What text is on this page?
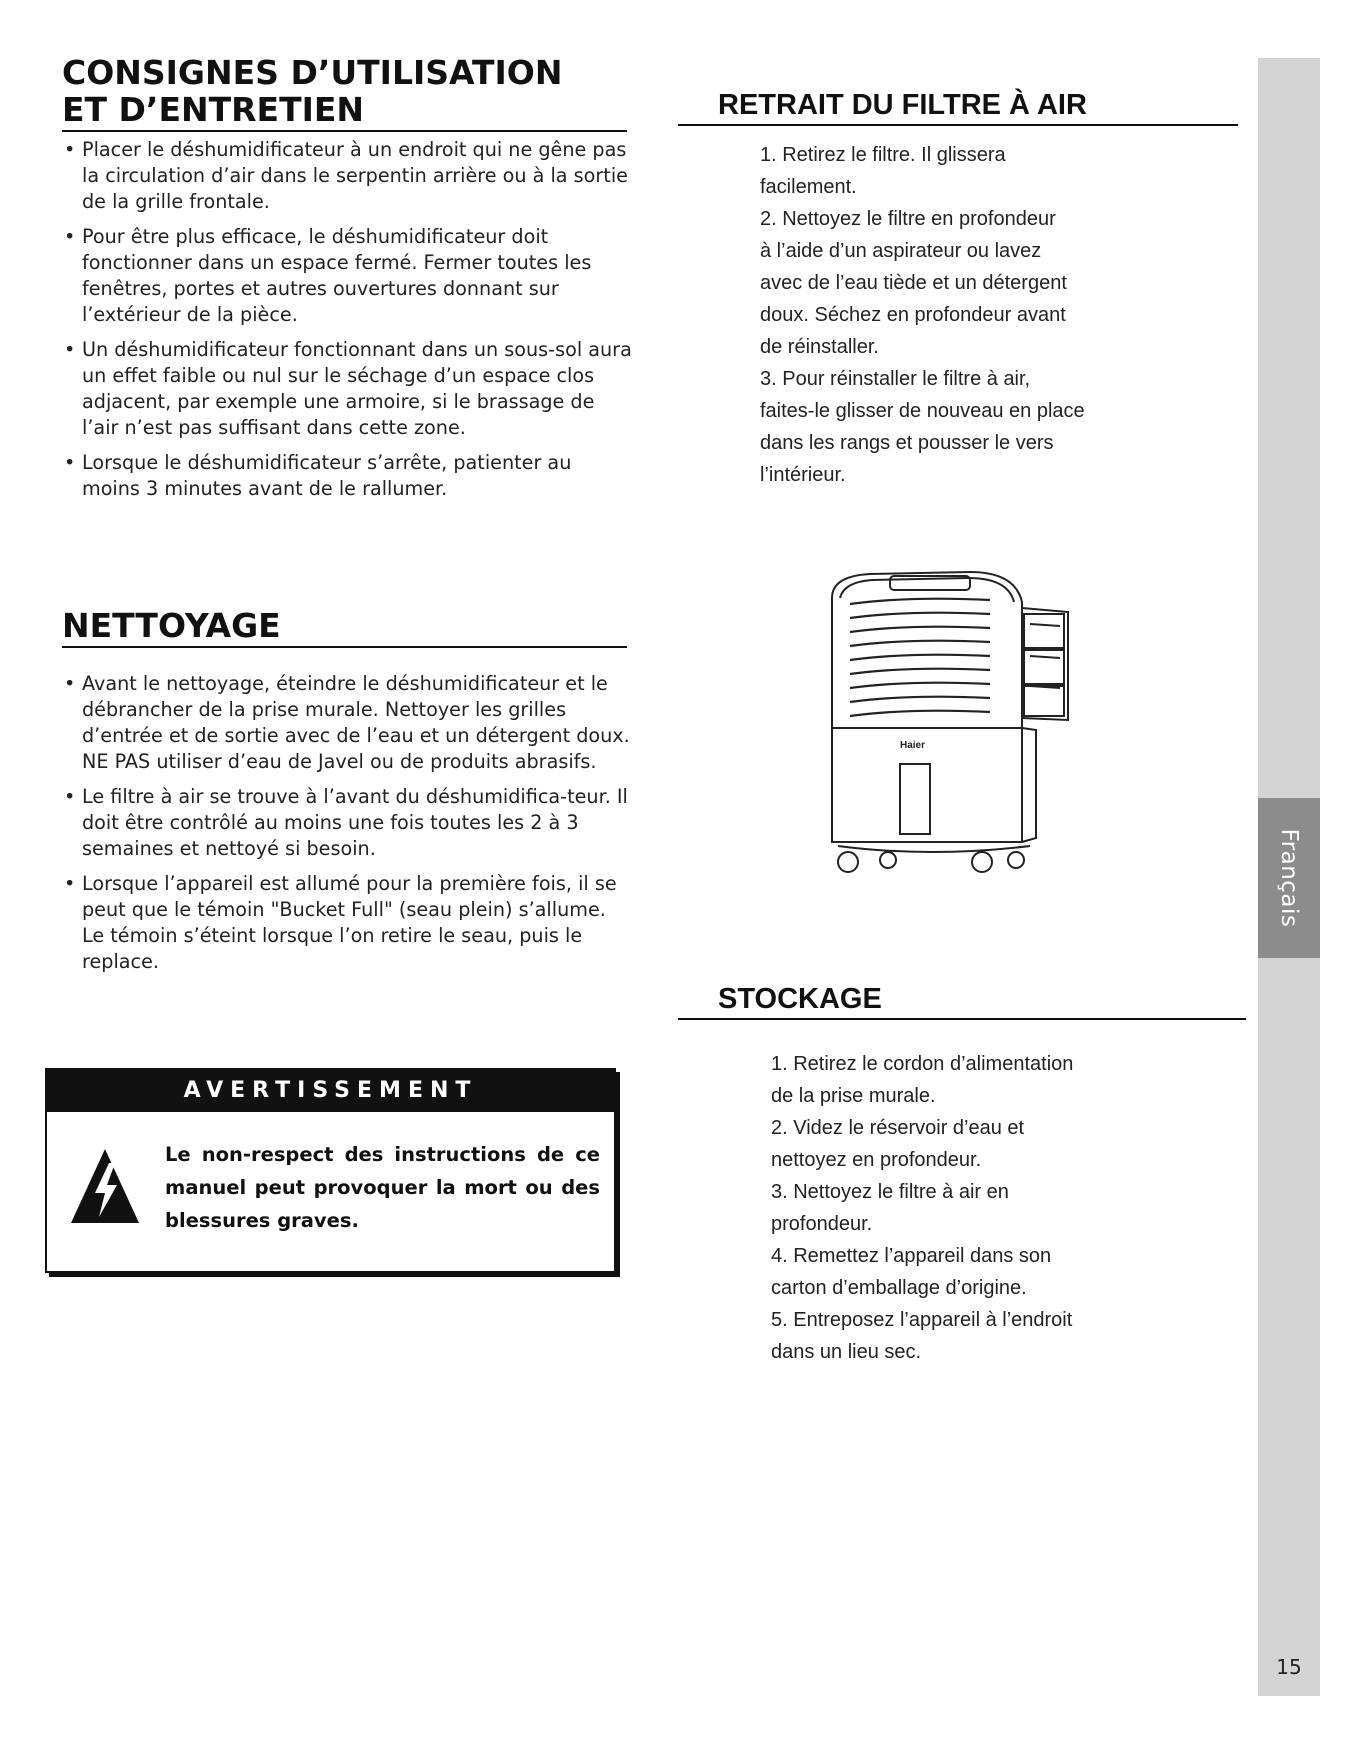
Français
15
CONSIGNES D’UTILISATION
ET D’ENTRETIEN
• Placer le déshumidificateur à un endroit qui ne gêne pas la circulation d’air dans le serpentin arrière ou à la sortie de la grille frontale.
• Pour être plus efficace, le déshumidificateur doit fonctionner dans un espace fermé. Fermer toutes les fenêtres, portes et autres ouvertures donnant sur l’extérieur de la pièce.
• Un déshumidificateur fonctionnant dans un sous-sol aura un effet faible ou nul sur le séchage d’un espace clos adjacent, par exemple une armoire, si le brassage de l’air n’est pas suffisant dans cette zone.
• Lorsque le déshumidificateur s’arrête, patienter au moins 3 minutes avant de le rallumer.
NETTOYAGE
• Avant le nettoyage, éteindre le déshumidificateur et le débrancher de la prise murale. Nettoyer les grilles d’entrée et de sortie avec de l’eau et un détergent doux. NE PAS utiliser d’eau de Javel ou de produits abrasifs.
• Le filtre à air se trouve à l’avant du déshumidifica-teur. Il doit être contrôlé au moins une fois toutes les 2 à 3 semaines et nettoyé si besoin.
• Lorsque l’appareil est allumé pour la première fois, il se peut que le témoin "Bucket Full" (seau plein) s’allume. Le témoin s’éteint lorsque l’on retire le seau, puis le replace.
AVERTISSEMENT
Le non-respect des instructions de ce manuel peut provoquer la mort ou des blessures graves.
RETRAIT DU FILTRE À AIR
1. Retirez le filtre. Il glissera
facilement.
2. Nettoyez le filtre en profondeur
à l’aide d’un aspirateur ou lavez
avec de l’eau tiède et un détergent
doux. Séchez en profondeur avant
de réinstaller.
3. Pour réinstaller le filtre à air,
faites-le glisser de nouveau en place
dans les rangs et pousser le vers
l’intérieur.
Haier
STOCKAGE
1. Retirez le cordon d’alimentation
de la prise murale.
2. Videz le réservoir d’eau et
nettoyez en profondeur.
3. Nettoyez le filtre à air en
profondeur.
4. Remettez l’appareil dans son
carton d’emballage d’origine.
5. Entreposez l’appareil à l’endroit
dans un lieu sec.
